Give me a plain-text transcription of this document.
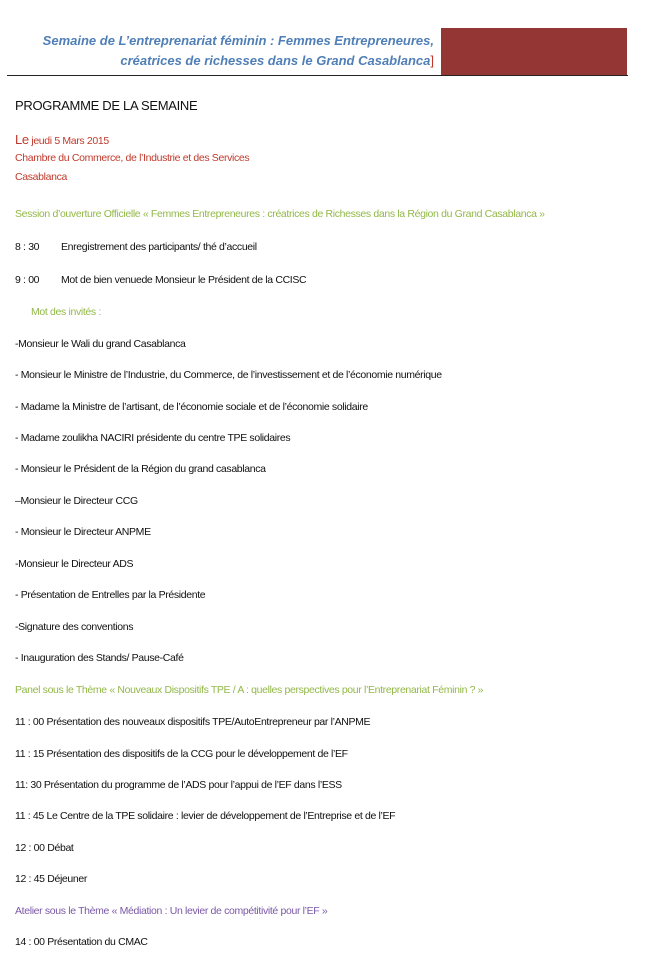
Semaine de L’entreprenariat féminin : Femmes Entrepreneures,
créatrices de richesses dans le Grand Casablanca]
PROGRAMME DE LA SEMAINE
Le jeudi 5 Mars 2015
Chambre du Commerce, de l’Industrie et des Services
Casablanca
Session d’ouverture Officielle « Femmes Entrepreneures : créatrices de Richesses dans la Région du Grand Casablanca »
8 : 30 Enregistrement des participants/ thé d’accueil
9 : 00 Mot de bien venuede Monsieur le Président de la CCISC
Mot des invités :
-Monsieur le Wali du grand Casablanca
- Monsieur le Ministre de l’Industrie, du Commerce, de l’investissement et de l’économie numérique
- Madame la Ministre de l’artisant, de l’économie sociale et de l’économie solidaire
- Madame zoulikha NACIRI présidente du centre TPE solidaires
- Monsieur le Président de la Région du grand casablanca
–Monsieur le Directeur CCG
- Monsieur le Directeur ANPME
-Monsieur le Directeur ADS
- Présentation de Entrelles par la Présidente
-Signature des conventions
- Inauguration des Stands/ Pause-Café
Panel sous le Thème « Nouveaux Dispositifs TPE / A : quelles perspectives pour l’Entreprenariat Féminin ? »
11 : 00 Présentation des nouveaux dispositifs TPE/AutoEntrepreneur par l’ANPME
11 : 15 Présentation des dispositifs de la CCG pour le développement de l’EF
11: 30 Présentation du programme de l’ADS pour l’appui de l’EF dans l’ESS
11 : 45 Le Centre de la TPE solidaire : levier de développement de l’Entreprise et de l’EF
12 : 00 Débat
12 : 45 Déjeuner
Atelier sous le Thème « Médiation : Un levier de compétitivité pour l’EF »
14 : 00 Présentation du CMAC
